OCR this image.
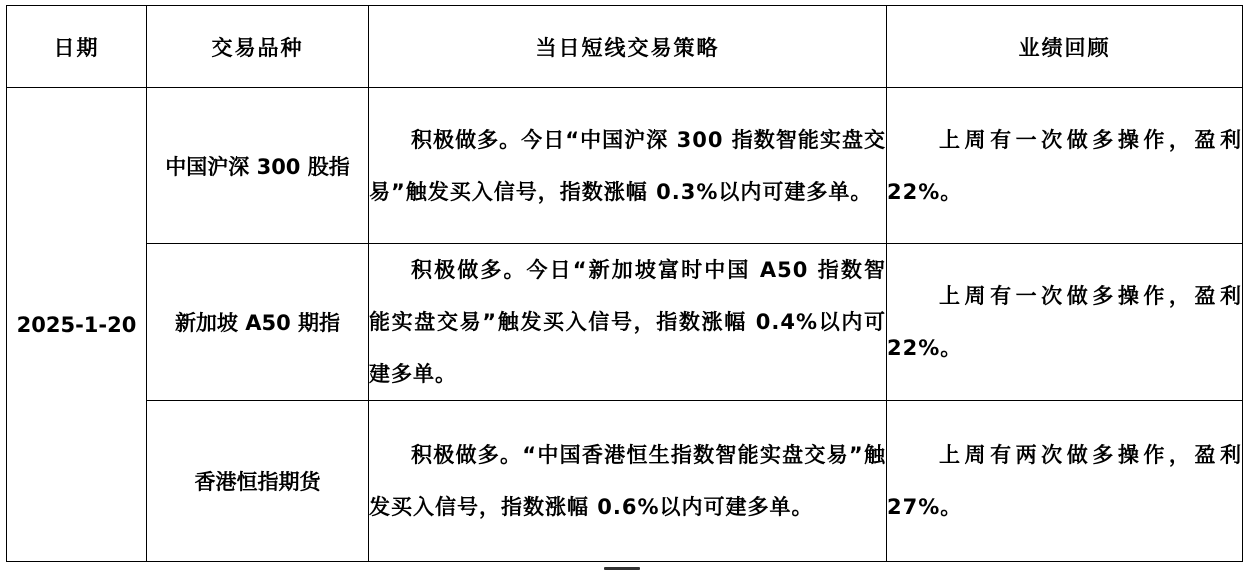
日期	交易品种	当日短线交易策略	业绩回顾
2025-1-20	中国沪深 300 股指	积极做多。今日“中国沪深 300 指数智能实盘交易”触发买入信号，指数涨幅 0.3%以内可建多单。	上周有一次做多操作，盈利 22%。
	新加坡 A50 期指	积极做多。今日“新加坡富时中国 A50 指数智能实盘交易”触发买入信号，指数涨幅 0.4%以内可建多单。	上周有一次做多操作，盈利 22%。
	香港恒指期货	积极做多。“中国香港恒生指数智能实盘交易”触发买入信号，指数涨幅 0.6%以内可建多单。	上周有两次做多操作，盈利 27%。
